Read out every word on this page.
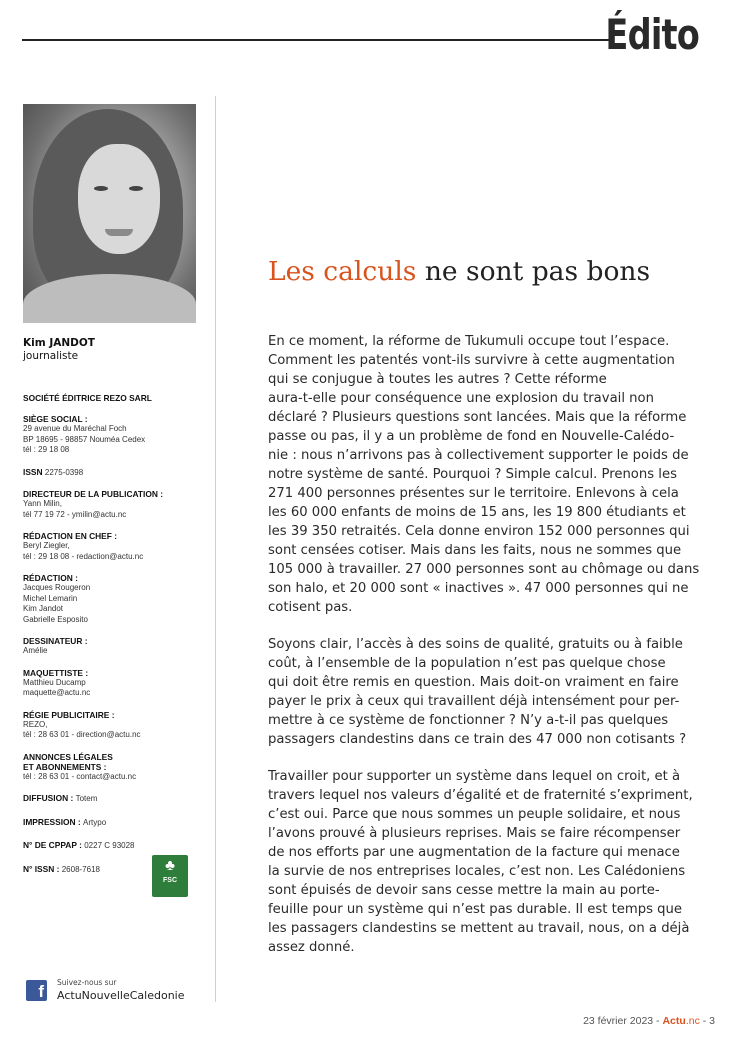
Édito
Kim JANDOT
journaliste
SOCIÉTÉ ÉDITRICE REZO SARL
SIÈGE SOCIAL :
29 avenue du Maréchal Foch
BP 18695 - 98857 Nouméa Cedex
tél : 29 18 08
ISSN 2275-0398
DIRECTEUR DE LA PUBLICATION :
Yann Milin,
tél 77 19 72 - ymilin@actu.nc
RÉDACTION EN CHEF :
Beryl Ziegler,
tél : 29 18 08 - redaction@actu.nc
RÉDACTION :
Jacques Rougeron
Michel Lemarin
Kim Jandot
Gabrielle Esposito
DESSINATEUR :
Amélie
MAQUETTISTE :
Matthieu Ducamp
maquette@actu.nc
RÉGIE PUBLICITAIRE :
REZO,
tél : 28 63 01 - direction@actu.nc
ANNONCES LÉGALES
ET ABONNEMENTS :
tél : 28 63 01 - contact@actu.nc
DIFFUSION : Totem
IMPRESSION : Artypo
N° DE CPPAP : 0227 C 93028
N° ISSN : 2608-7618	♣
FSC
f	Suivez-nous sur
ActuNouvelleCaledonie
Les calculs ne sont pas bons

En ce moment, la réforme de Tukumuli occupe tout l’espace.
Comment les patentés vont-ils survivre à cette augmentation
qui se conjugue à toutes les autres ? Cette réforme
aura-t-elle pour conséquence une explosion du travail non
déclaré ? Plusieurs questions sont lancées. Mais que la réforme
passe ou pas, il y a un problème de fond en Nouvelle-Calédo-
nie : nous n’arrivons pas à collectivement supporter le poids de
notre système de santé. Pourquoi ? Simple calcul. Prenons les
271 400 personnes présentes sur le territoire. Enlevons à cela
les 60 000 enfants de moins de 15 ans, les 19 800 étudiants et
les 39 350 retraités. Cela donne environ 152 000 personnes qui
sont censées cotiser. Mais dans les faits, nous ne sommes que
105 000 à travailler. 27 000 personnes sont au chômage ou dans
son halo, et 20 000 sont « inactives ». 47 000 personnes qui ne
cotisent pas.

Soyons clair, l’accès à des soins de qualité, gratuits ou à faible
coût, à l’ensemble de la population n’est pas quelque chose
qui doit être remis en question. Mais doit-on vraiment en faire
payer le prix à ceux qui travaillent déjà intensément pour per-
mettre à ce système de fonctionner ? N’y a-t-il pas quelques
passagers clandestins dans ce train des 47 000 non cotisants ?

Travailler pour supporter un système dans lequel on croit, et à
travers lequel nos valeurs d’égalité et de fraternité s’expriment,
c’est oui. Parce que nous sommes un peuple solidaire, et nous
l’avons prouvé à plusieurs reprises. Mais se faire récompenser
de nos efforts par une augmentation de la facture qui menace
la survie de nos entreprises locales, c’est non. Les Calédoniens
sont épuisés de devoir sans cesse mettre la main au porte-
feuille pour un système qui n’est pas durable. Il est temps que
les passagers clandestins se mettent au travail, nous, on a déjà
assez donné.

23 février 2023 - Actu.nc - 3
